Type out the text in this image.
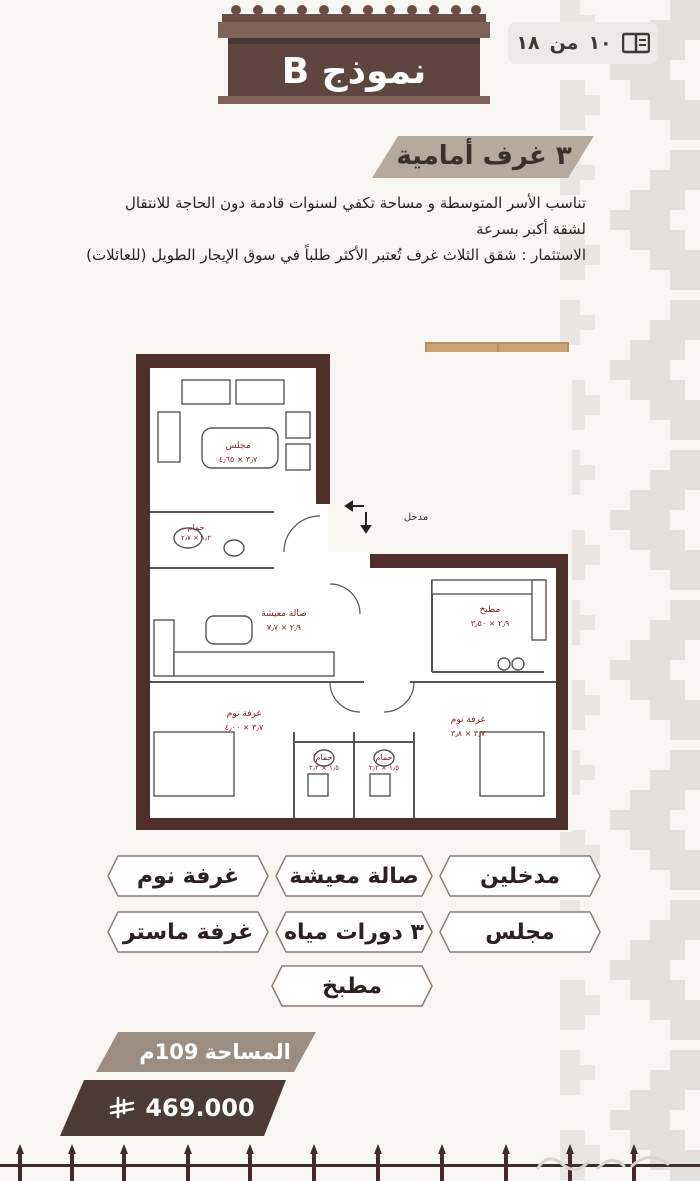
نموذج B
١٠
من
١٨
٣ غرف أمامية
تناسب الأسر المتوسطة و مساحة تكفي لسنوات قادمة دون الحاجة للانتقال
لشقة أكبر بسرعة
الاستثمار : شقق الثلاث غرف تُعتبر الأكثر طلباً في سوق الإيجار الطويل (للعائلات)
مجلس
٣٫٧ × ٤٫٦٥
حمام
١٫٢ × ٢٫٧
صالة معيشة
٢٫٩ × ٧٫٧
مطبخ
٢٫٩ × ٣٫٥٠
غرفة نوم
٣٫٧ × ٤٫٠٠
حمام
١٫٥ × ٢٫٢
حمام
١٫٥ × ٢٫٢
غرفة نوم
٣٫٧ × ٣٫٨
مدخل
مدخلين
صالة معيشة
غرفة نوم
مجلس
٣ دورات مياه
غرفة ماستر
مطبخ
المساحة
109م
469.000
